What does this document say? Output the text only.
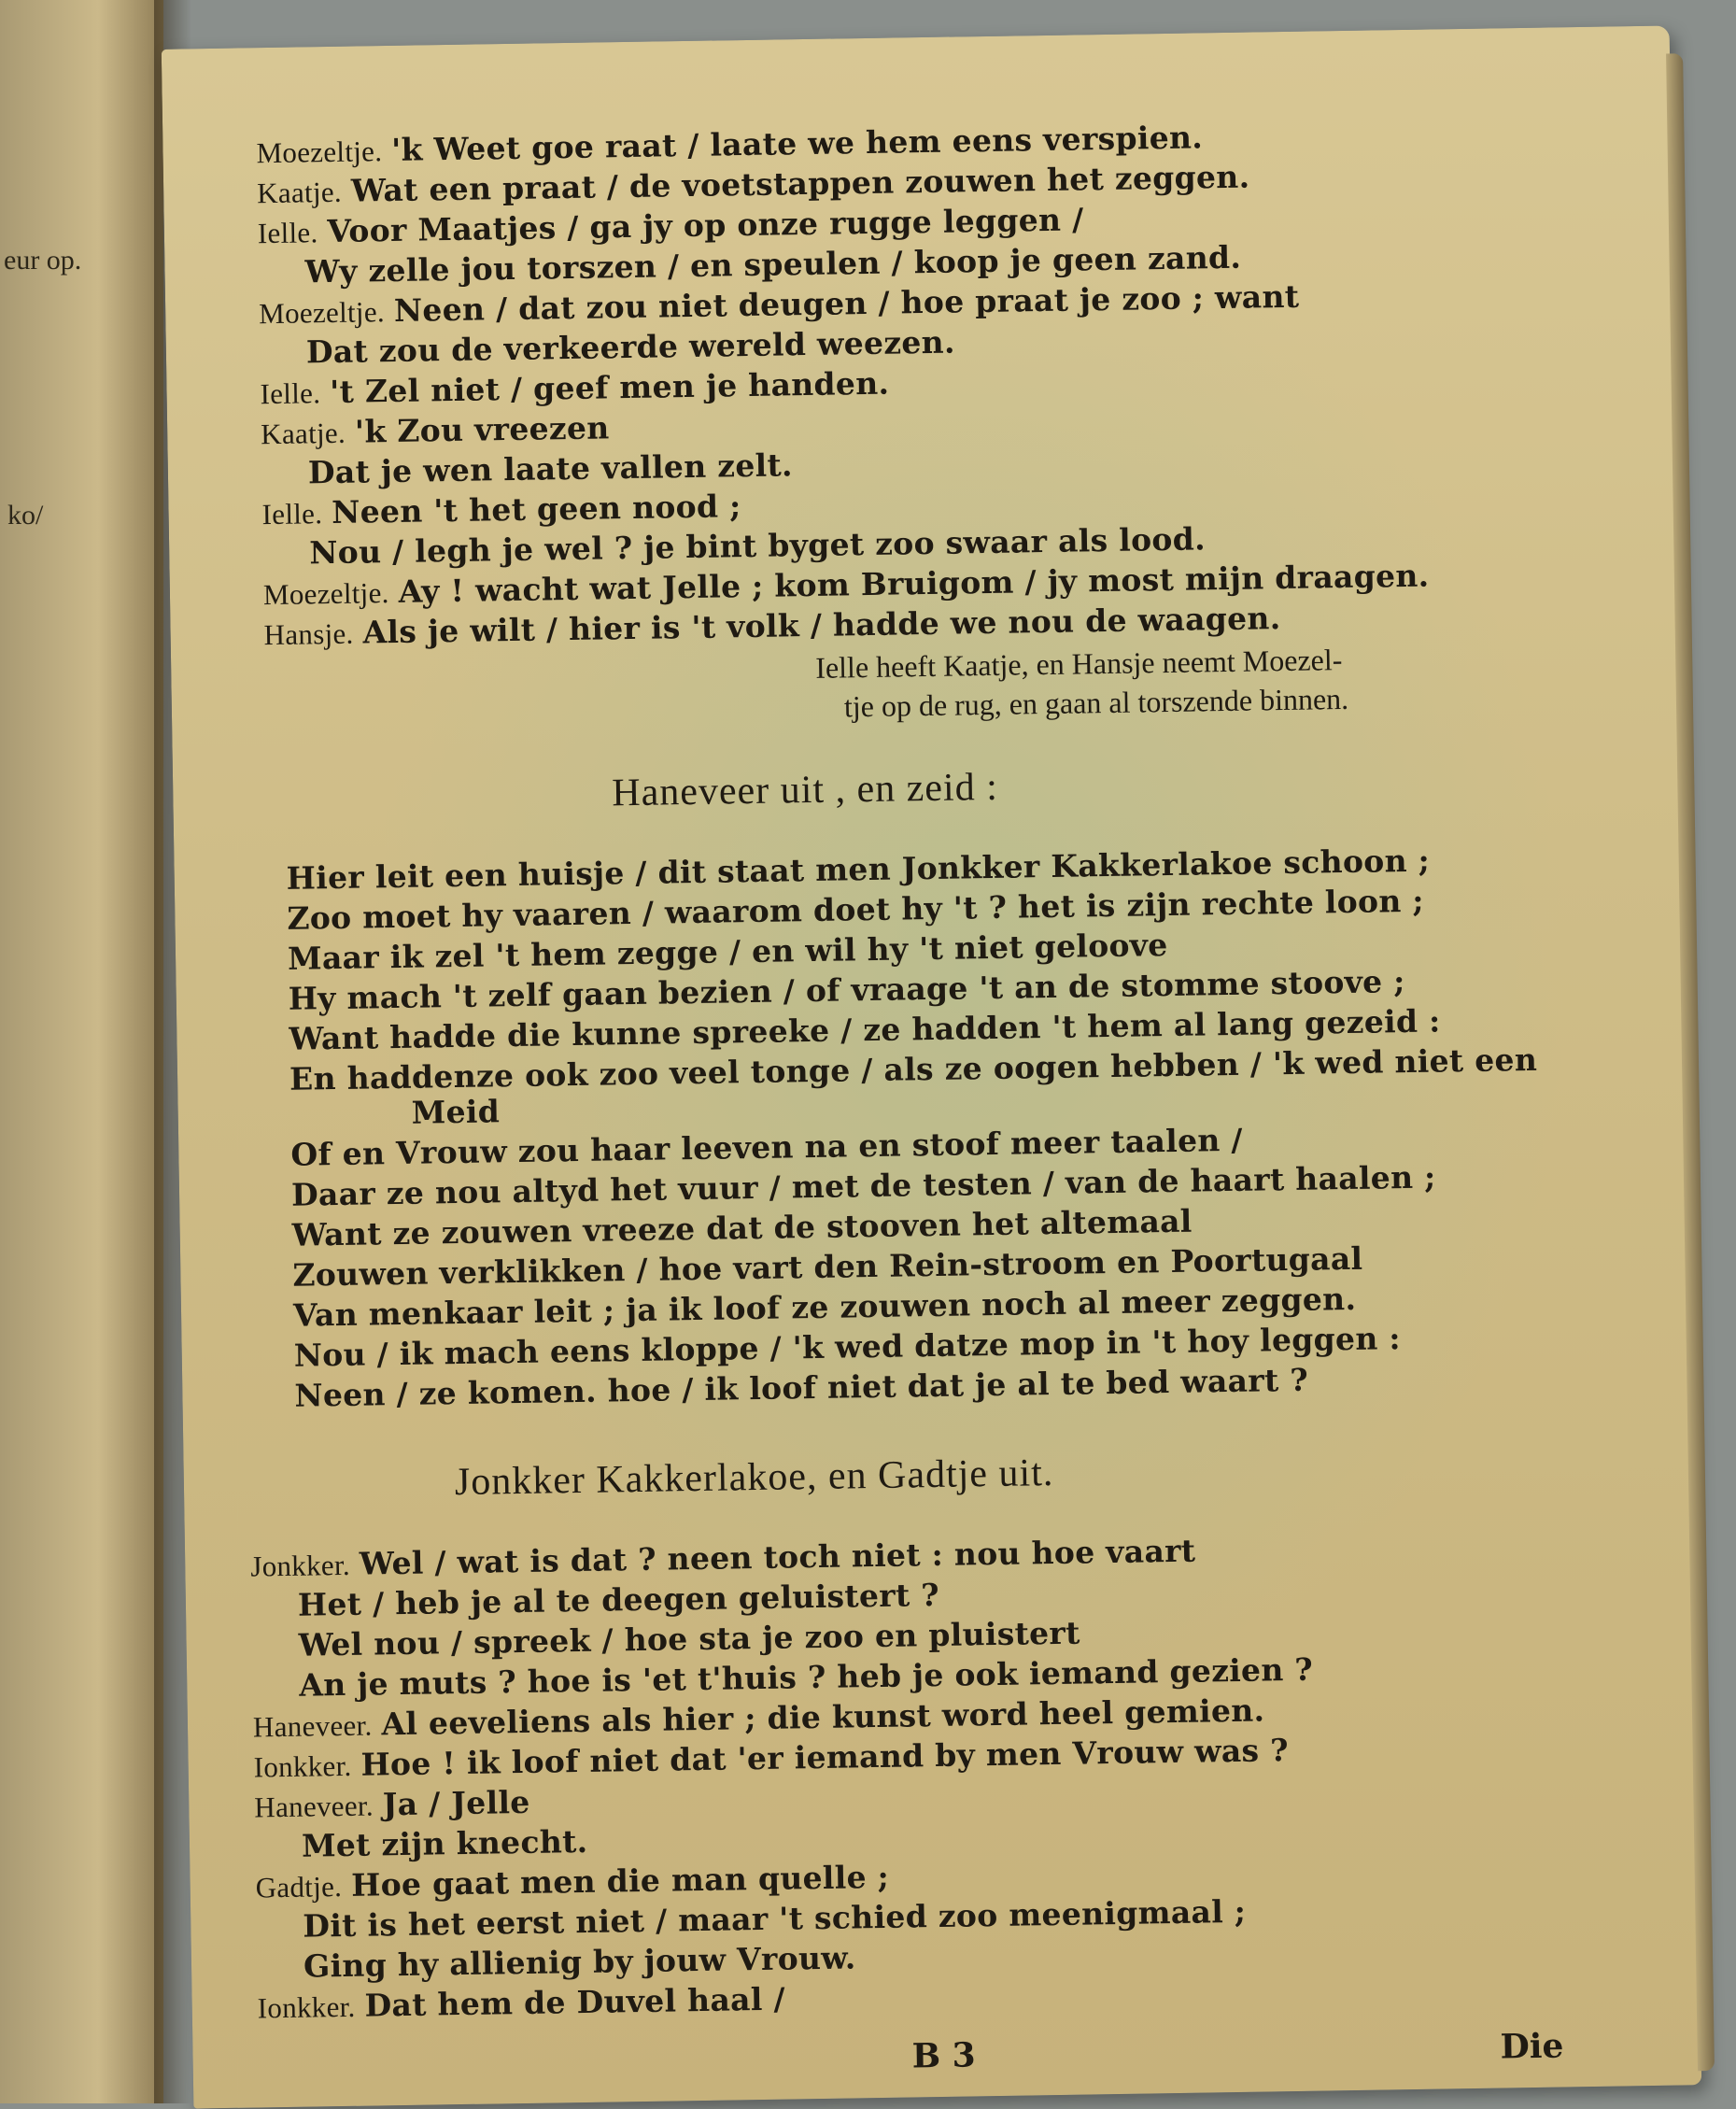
eur op.
ko/
Moezeltje. 'k Weet goe raat / laate we hem eens verspien.
Kaatje. Wat een praat / de voetstappen zouwen het zeggen.
Ielle. Voor Maatjes / ga jy op onze rugge leggen /
Wy zelle jou torszen / en speulen / koop je geen zand.
Moezeltje. Neen / dat zou niet deugen / hoe praat je zoo ; want
Dat zou de verkeerde wereld weezen.
Ielle. 't Zel niet / geef men je handen.
Kaatje. 'k Zou vreezen
Dat je wen laate vallen zelt.
Ielle. Neen 't het geen nood ;
Nou / legh je wel ? je bint byget zoo swaar als lood.
Moezeltje. Ay ! wacht wat Jelle ; kom Bruigom / jy most mijn draagen.
Hansje. Als je wilt / hier is 't volk / hadde we nou de waagen.
Ielle heeft Kaatje, en Hansje neemt Moezel-
tje op de rug, en gaan al torszende binnen.
Haneveer uit , en zeid :
Hier leit een huisje / dit staat men Jonkker Kakkerlakoe schoon ;
Zoo moet hy vaaren / waarom doet hy 't ? het is zijn rechte loon ;
Maar ik zel 't hem zegge / en wil hy 't niet geloove
Hy mach 't zelf gaan bezien / of vraage 't an de stomme stoove ;
Want hadde die kunne spreeke / ze hadden 't hem al lang gezeid :
En haddenze ook zoo veel tonge / als ze oogen hebben / 'k wed niet een
Meid
Of en Vrouw zou haar leeven na en stoof meer taalen /
Daar ze nou altyd het vuur / met de testen / van de haart haalen ;
Want ze zouwen vreeze dat de stooven het altemaal
Zouwen verklikken / hoe vart den Rein-stroom en Poortugaal
Van menkaar leit ; ja ik loof ze zouwen noch al meer zeggen.
Nou / ik mach eens kloppe / 'k wed datze mop in 't hoy leggen :
Neen / ze komen. hoe / ik loof niet dat je al te bed waart ?
Jonkker Kakkerlakoe, en Gadtje uit.
Jonkker. Wel / wat is dat ? neen toch niet : nou hoe vaart
Het / heb je al te deegen geluistert ?
Wel nou / spreek / hoe sta je zoo en pluistert
An je muts ? hoe is 'et t'huis ? heb je ook iemand gezien ?
Haneveer. Al eeveliens als hier ; die kunst word heel gemien.
Ionkker. Hoe ! ik loof niet dat 'er iemand by men Vrouw was ?
Haneveer. Ja / Jelle
Met zijn knecht.
Gadtje. Hoe gaat men die man quelle ;
Dit is het eerst niet / maar 't schied zoo meenigmaal ;
Ging hy allienig by jouw Vrouw.
Ionkker. Dat hem de Duvel haal /
B 3	Die
